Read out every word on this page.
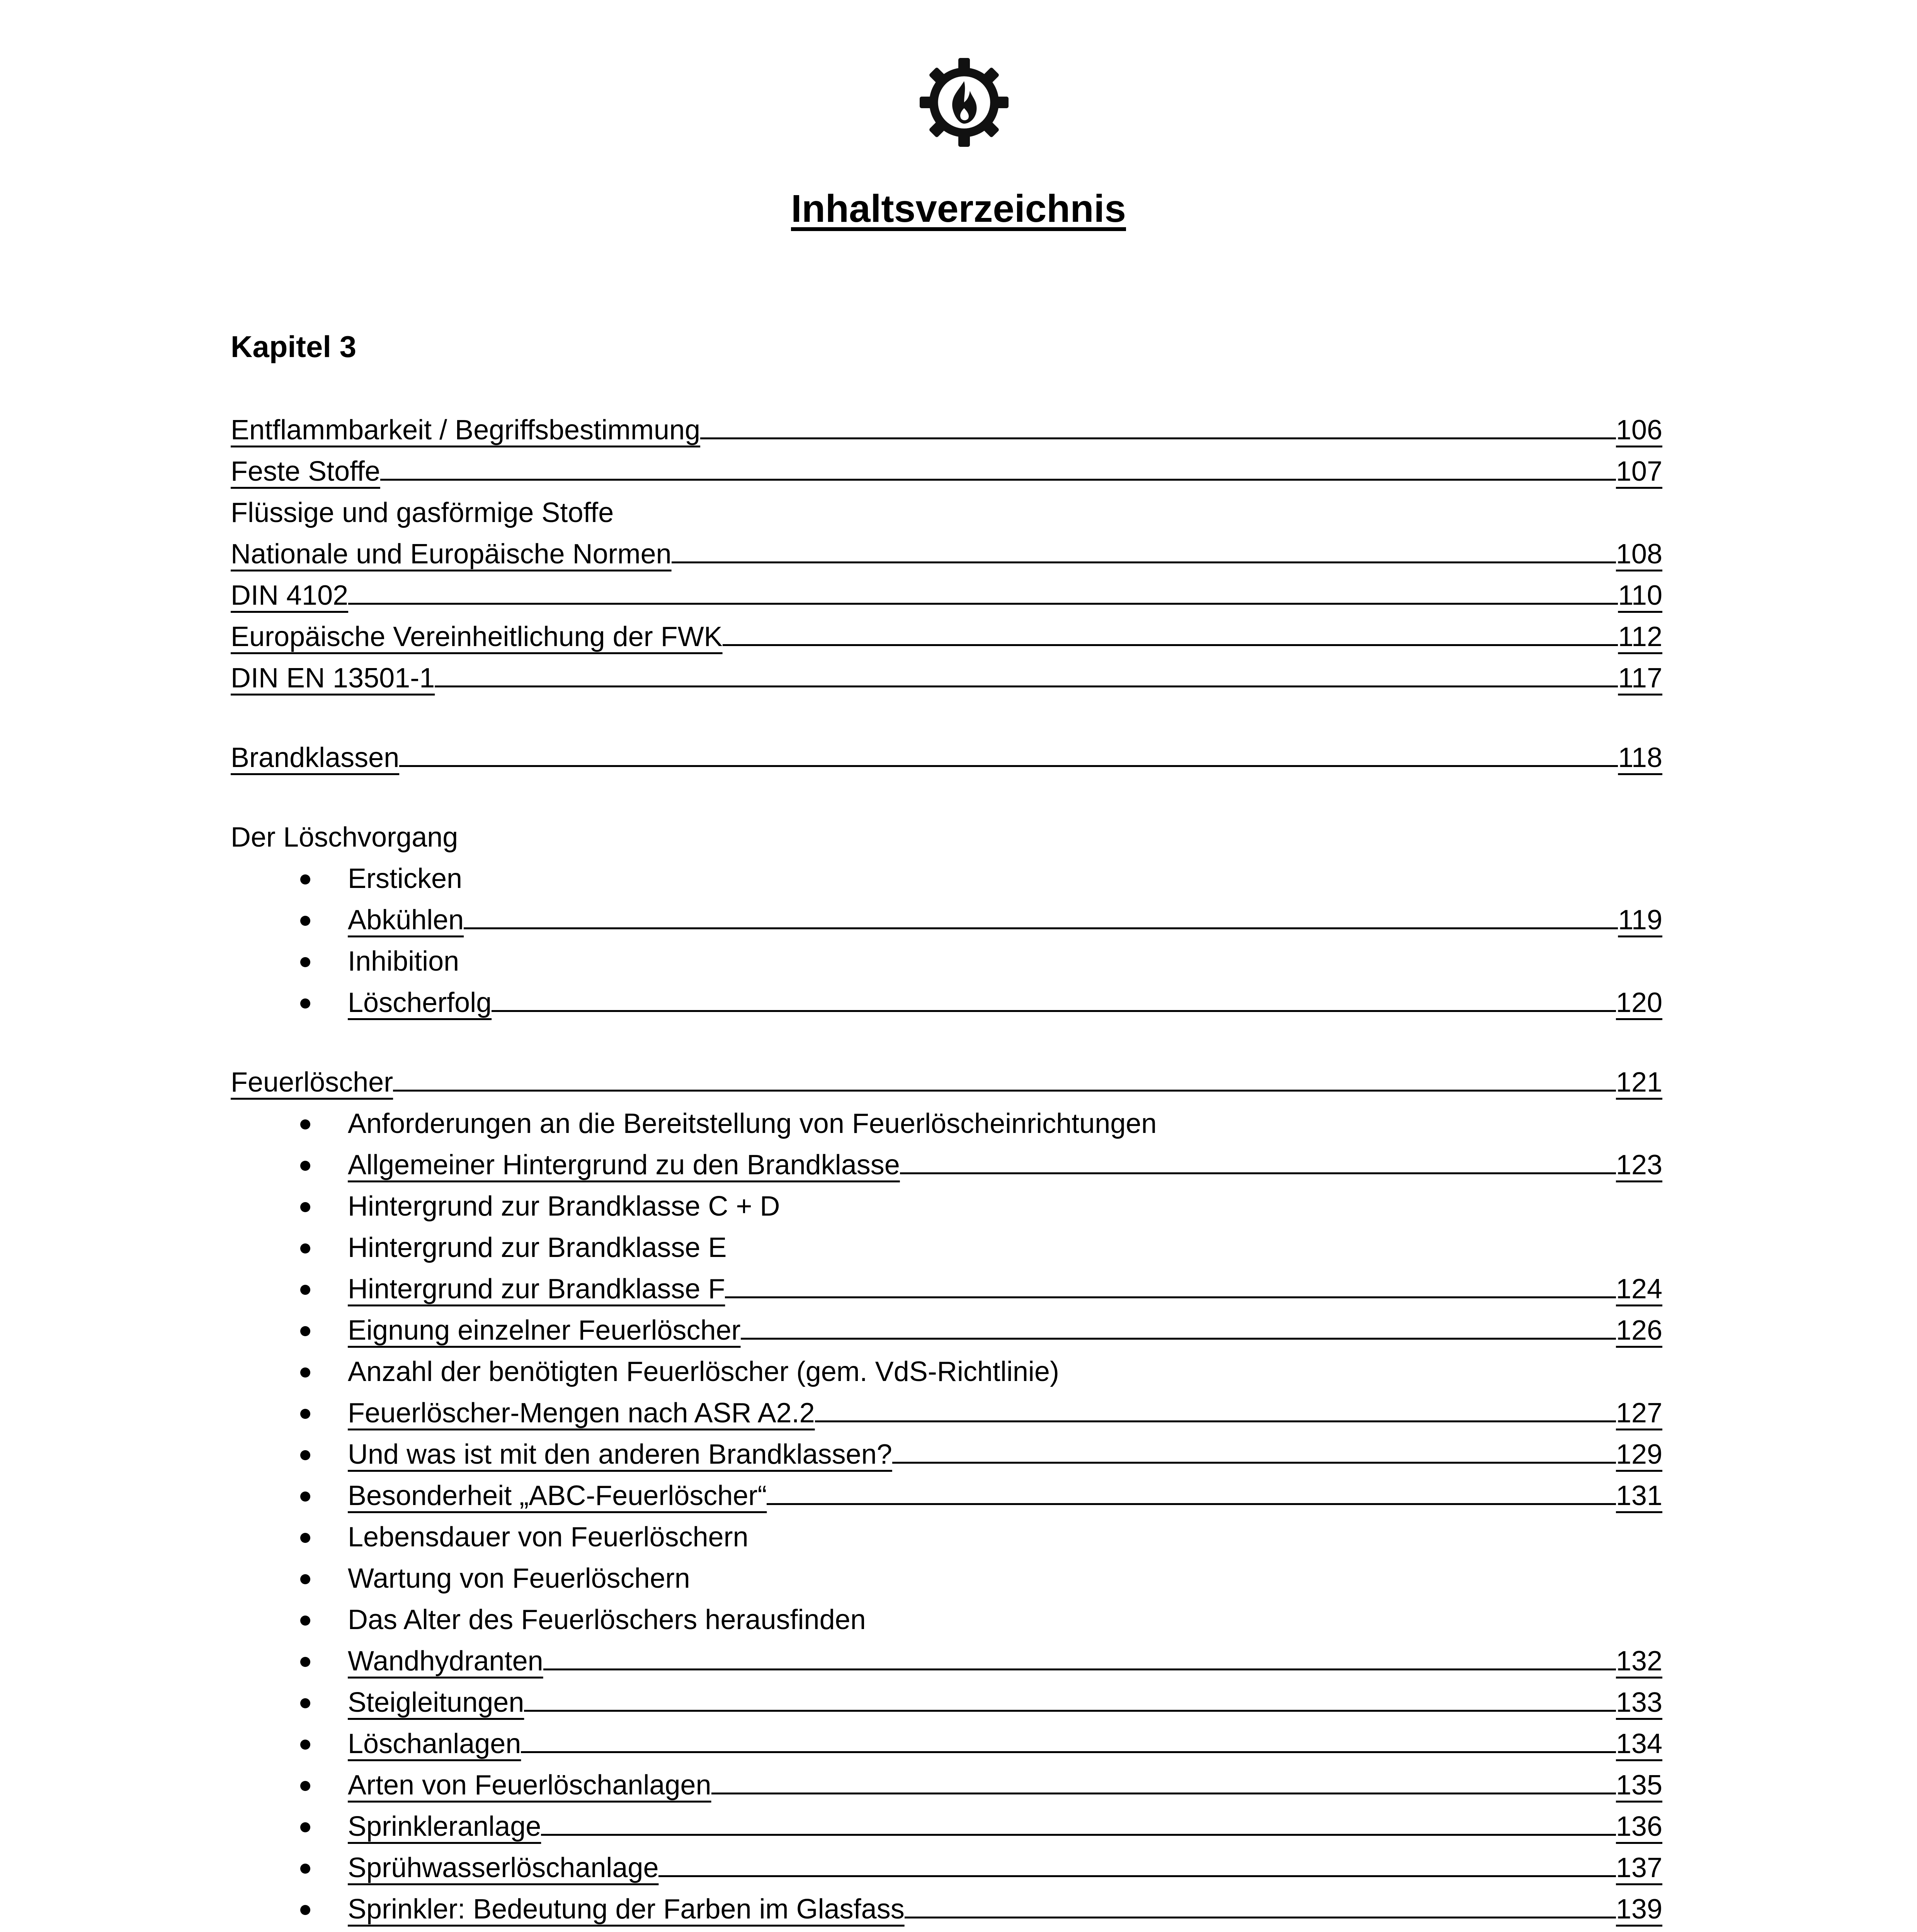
Inhaltsverzeichnis
Kapitel 3
Entflammbarkeit / Begriffsbestimmung	106
Feste Stoffe	107
Flüssige und gasförmige Stoffe
Nationale und Europäische Normen	108
DIN 4102	110
Europäische Vereinheitlichung der FWK	112
DIN EN 13501-1	117
Brandklassen	118
Der Löschvorgang
Ersticken
Abkühlen	119
Inhibition
Löscherfolg	120
Feuerlöscher	121
Anforderungen an die Bereitstellung von Feuerlöscheinrichtungen
Allgemeiner Hintergrund zu den Brandklasse	123
Hintergrund zur Brandklasse C + D
Hintergrund zur Brandklasse E
Hintergrund zur Brandklasse F	124
Eignung einzelner Feuerlöscher	126
Anzahl der benötigten Feuerlöscher (gem. VdS-Richtlinie)
Feuerlöscher-Mengen nach ASR A2.2	127
Und was ist mit den anderen Brandklassen?	129
Besonderheit „ABC-Feuerlöscher“	131
Lebensdauer von Feuerlöschern
Wartung von Feuerlöschern
Das Alter des Feuerlöschers herausfinden
Wandhydranten	132
Steigleitungen	133
Löschanlagen	134
Arten von Feuerlöschanlagen	135
Sprinkleranlage	136
Sprühwasserlöschanlage	137
Sprinkler: Bedeutung der Farben im Glasfass	139
